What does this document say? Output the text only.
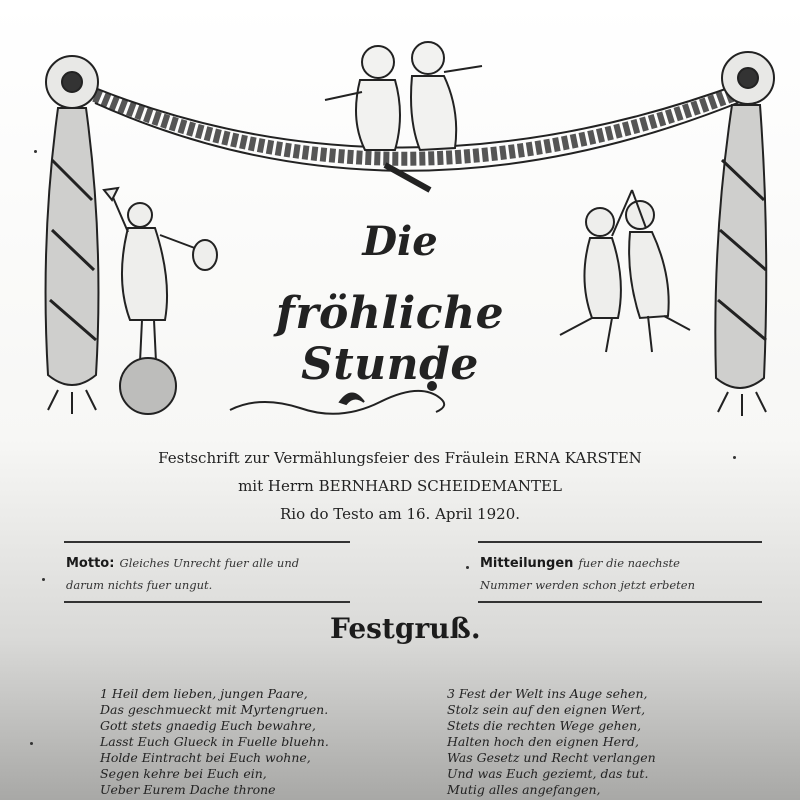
Die
fröhliche Stunde
Festschrift zur Vermählungsfeier des Fräulein ERNA KARSTEN
mit Herrn BERNHARD SCHEIDEMANTEL
Rio do Testo am 16. April 1920.
Motto: Gleiches Unrecht fuer alle und
darum nichts fuer ungut.
Mitteilungen fuer die naechste
Nummer werden schon jetzt erbeten
Festgruß.
1 Heil dem lieben, jungen Paare,
Das geschmueckt mit Myrtengruen.
Gott stets gnaedig Euch bewahre,
Lasst Euch Glueck in Fuelle bluehn.
Holde Eintracht bei Euch wohne,
Segen kehre bei Euch ein,
Ueber Eurem Dache throne
3 Fest der Welt ins Auge sehen,
Stolz sein auf den eignen Wert,
Stets die rechten Wege gehen,
Halten hoch den eignen Herd,
Was Gesetz und Recht verlangen
Und was Euch geziemt, das tut.
Mutig alles angefangen,
